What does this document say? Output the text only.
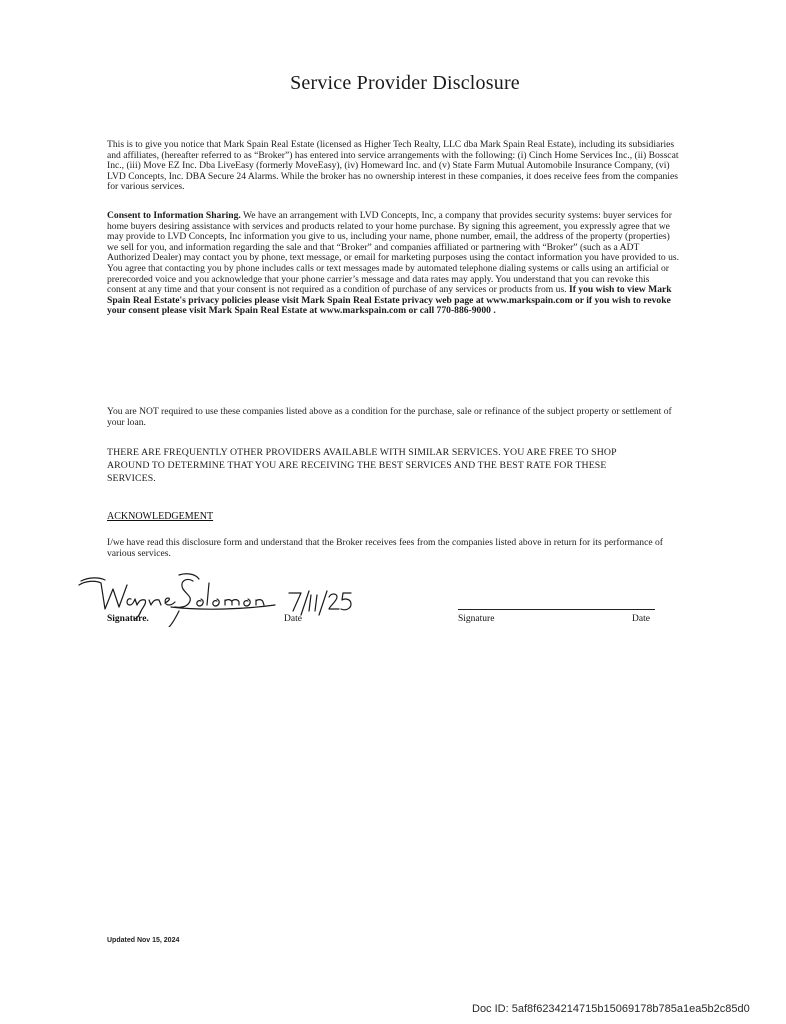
Service Provider Disclosure
This is to give you notice that Mark Spain Real Estate (licensed as Higher Tech Realty, LLC dba Mark Spain Real Estate), including its subsidiaries and affiliates, (hereafter referred to as “Broker”) has entered into service arrangements with the following: (i) Cinch Home Services Inc., (ii) Bosscat Inc., (iii) Move EZ Inc. Dba LiveEasy (formerly MoveEasy), (iv) Homeward Inc. and (v) State Farm Mutual Automobile Insurance Company, (vi) LVD Concepts, Inc. DBA Secure 24 Alarms. While the broker has no ownership interest in these companies, it does receive fees from the companies for various services.
Consent to Information Sharing. We have an arrangement with LVD Concepts, Inc, a company that provides security systems: buyer services for home buyers desiring assistance with services and products related to your home purchase. By signing this agreement, you expressly agree that we may provide to LVD Concepts, Inc information you give to us, including your name, phone number, email, the address of the property (properties) we sell for you, and information regarding the sale and that “Broker” and companies affiliated or partnering with “Broker” (such as a ADT Authorized Dealer) may contact you by phone, text message, or email for marketing purposes using the contact information you have provided to us. You agree that contacting you by phone includes calls or text messages made by automated telephone dialing systems or calls using an artificial or prerecorded voice and you acknowledge that your phone carrier’s message and data rates may apply. You understand that you can revoke this consent at any time and that your consent is not required as a condition of purchase of any services or products from us. If you wish to view Mark Spain Real Estate's privacy policies please visit Mark Spain Real Estate privacy web page at www.markspain.com or if you wish to revoke your consent please visit Mark Spain Real Estate at www.markspain.com or call 770-886-9000 .
You are NOT required to use these companies listed above as a condition for the purchase, sale or refinance of the subject property or settlement of your loan.
THERE ARE FREQUENTLY OTHER PROVIDERS AVAILABLE WITH SIMILAR SERVICES. YOU ARE FREE TO SHOP AROUND TO DETERMINE THAT YOU ARE RECEIVING THE BEST SERVICES AND THE BEST RATE FOR THESE SERVICES.
ACKNOWLEDGEMENT
I/we have read this disclosure form and understand that the Broker receives fees from the companies listed above in return for its performance of various services.
Signature.	Date	Signature	Date
Updated Nov 15, 2024
Doc ID: 5af8f6234214715b15069178b785a1ea5b2c85d0
